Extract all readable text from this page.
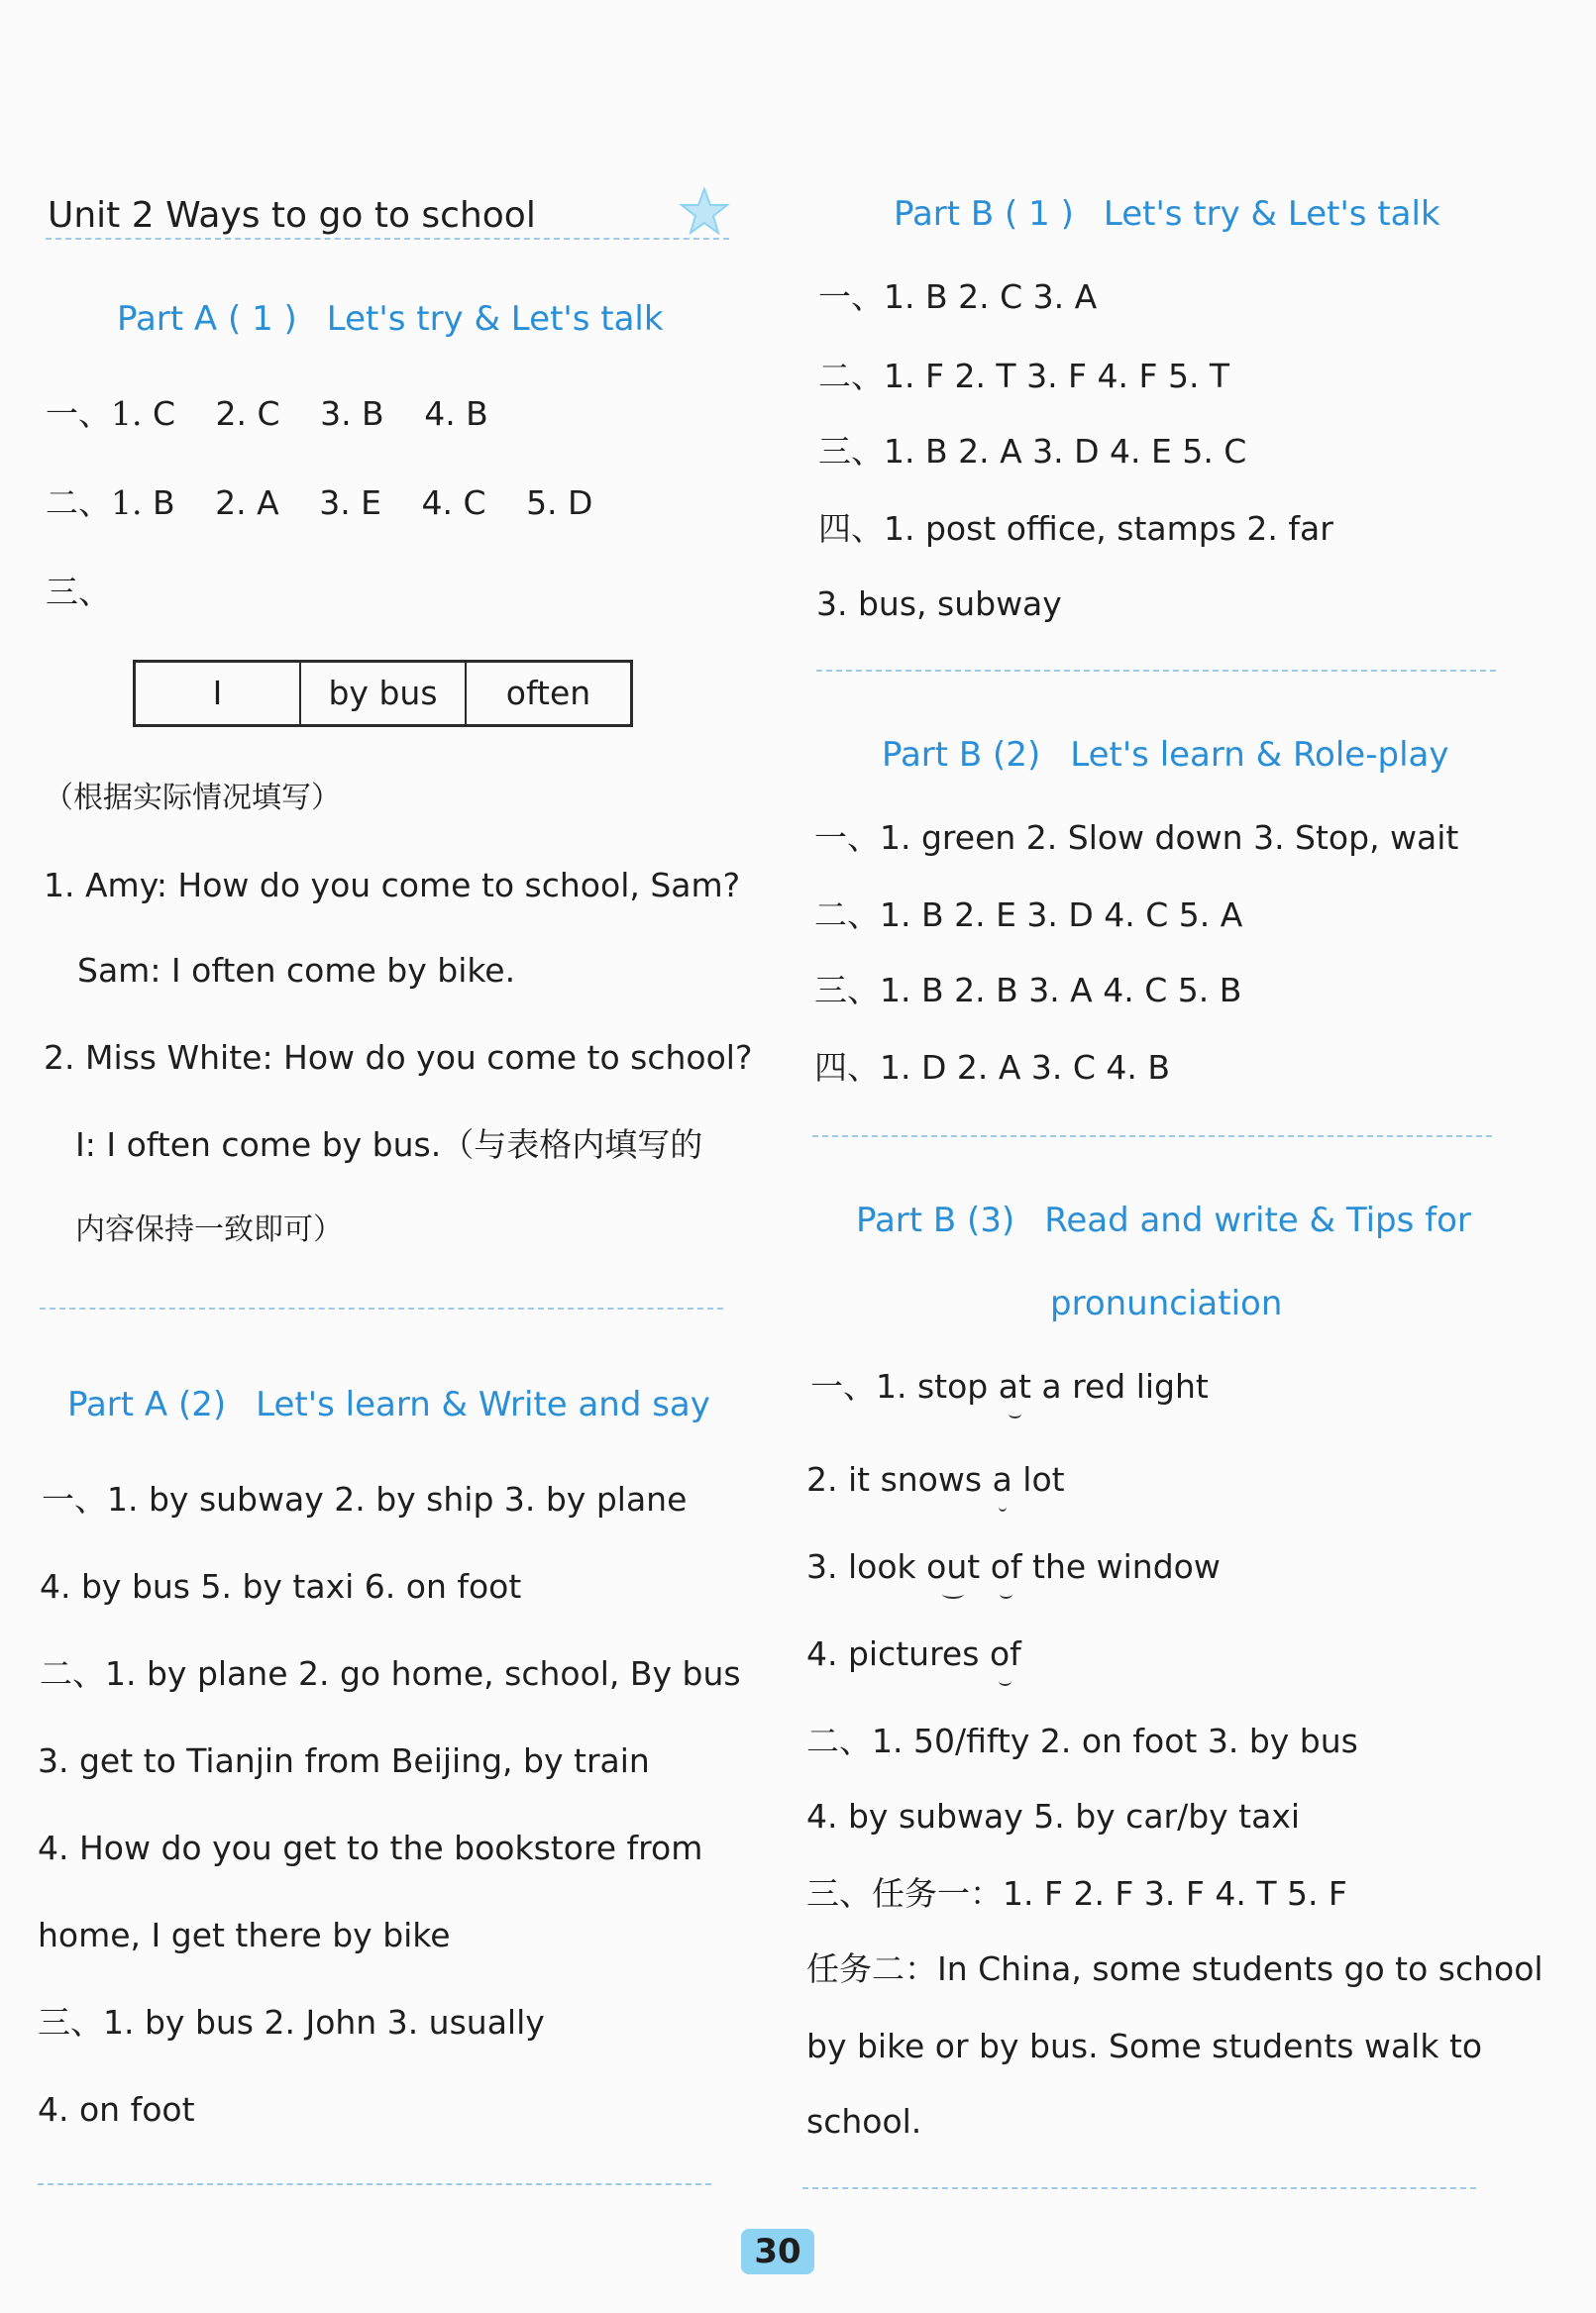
Unit 2 Ways to go to school
Part A ( 1 ) Let's try & Let's talk
一、1. C 2. C 3. B 4. B
二、1. B 2. A 3. E 4. C 5. D
三、
I	by bus	often
（根据实际情况填写）
1. Amy: How do you come to school, Sam?
Sam: I often come by bike.
2. Miss White: How do you come to school?
I: I often come by bus.（与表格内填写的
内容保持一致即可）
Part A (2) Let's learn & Write and say
一、1. by subway 2. by ship 3. by plane
4. by bus 5. by taxi 6. on foot
二、1. by plane 2. go home, school, By bus
3. get to Tianjin from Beijing, by train
4. How do you get to the bookstore from
home, I get there by bike
三、1. by bus 2. John 3. usually
4. on foot
Part B ( 1 ) Let's try & Let's talk
一、1. B 2. C 3. A
二、1. F 2. T 3. F 4. F 5. T
三、1. B 2. A 3. D 4. E 5. C
四、1. post office, stamps 2. far
3. bus, subway
Part B (2) Let's learn & Role-play
一、1. green 2. Slow down 3. Stop, wait
二、1. B 2. E 3. D 4. C 5. A
三、1. B 2. B 3. A 4. C 5. B
四、1. D 2. A 3. C 4. B
Part B (3) Read and write & Tips for
pronunciation
一、1. stop at a red light
2. it snows a lot
3. look out of the window
4. pictures of
二、1. 50/fifty 2. on foot 3. by bus
4. by subway 5. by car/by taxi
三、任务一：1. F 2. F 3. F 4. T 5. F
任务二：In China, some students go to school
by bike or by bus. Some students walk to
school.
30
